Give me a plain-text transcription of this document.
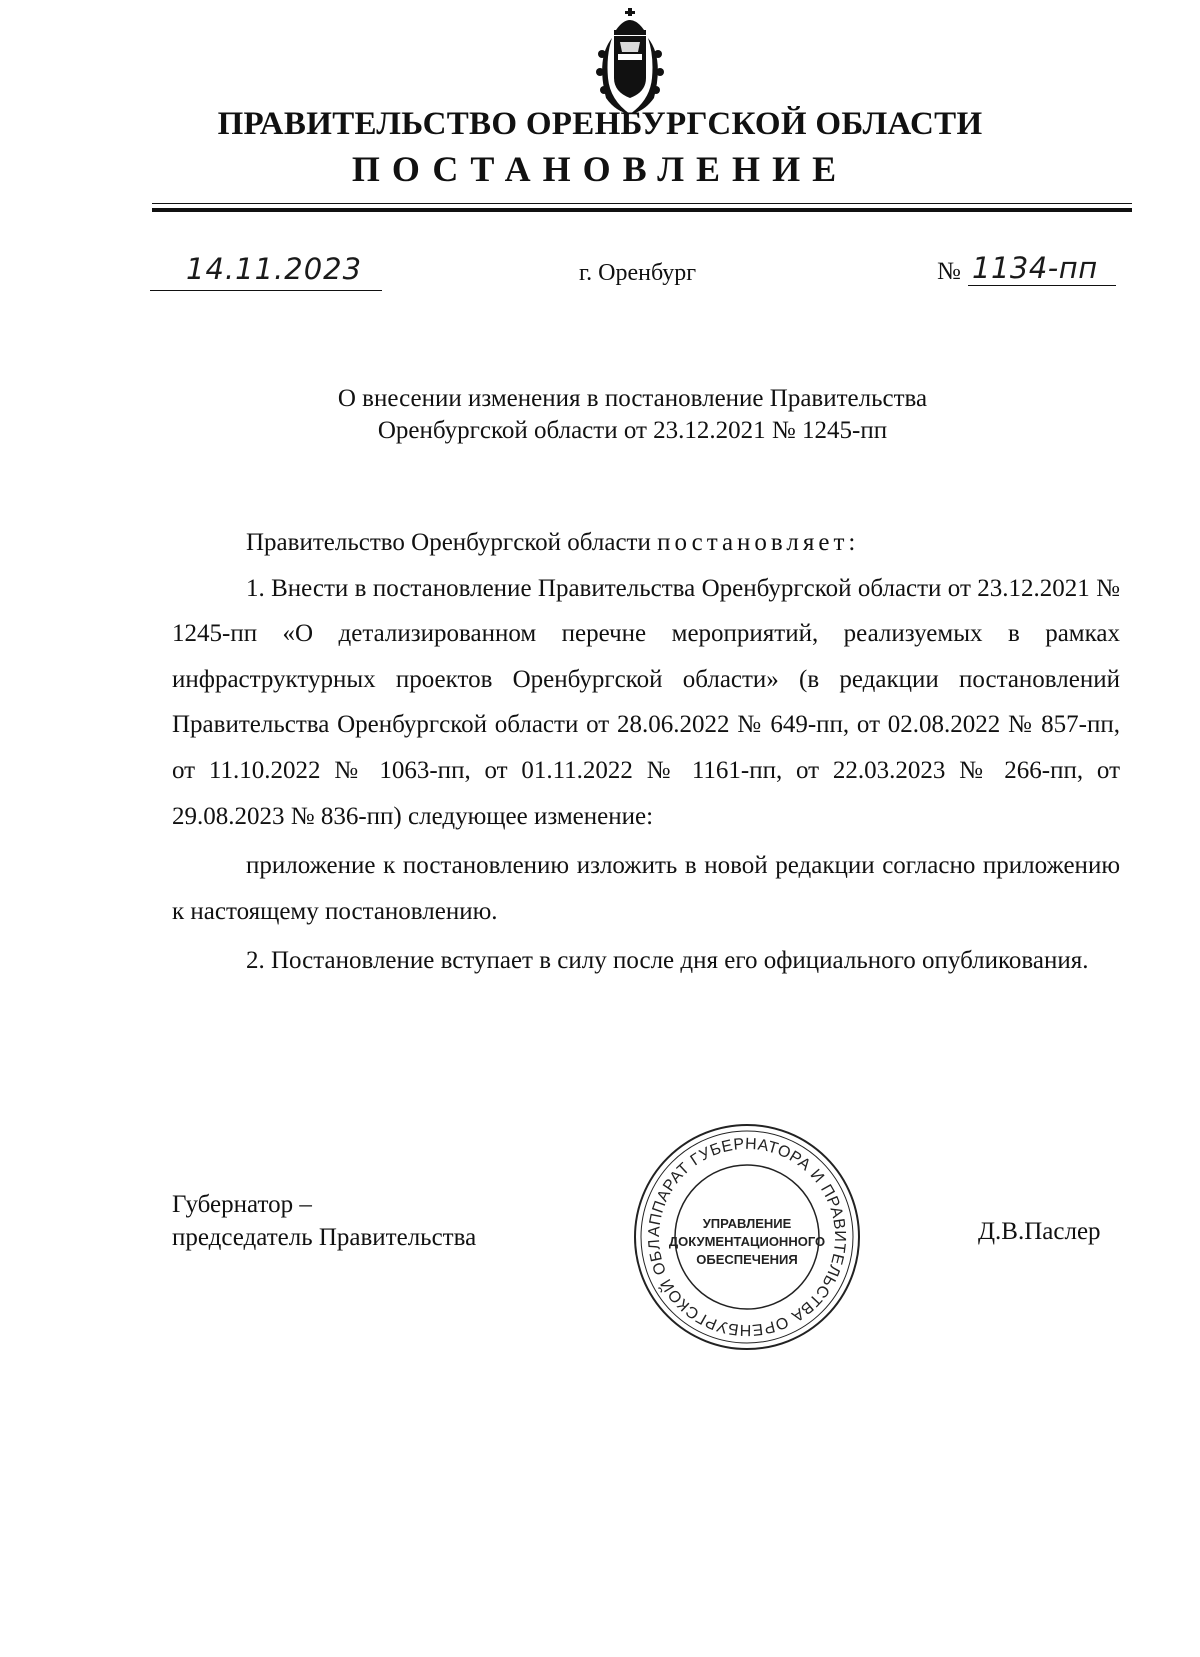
ПРАВИТЕЛЬСТВО ОРЕНБУРГСКОЙ ОБЛАСТИ
ПОСТАНОВЛЕНИЕ
14.11.2023	г. Оренбург	№ 1134-пп
О внесении изменения в постановление Правительства
Оренбургской области от 23.12.2021 № 1245-пп

Правительство Оренбургской области постановляет:

1. Внести в постановление Правительства Оренбургской области от 23.12.2021 № 1245-пп «О детализированном перечне мероприятий, реализуемых в рамках инфраструктурных проектов Оренбургской области» (в редакции постановлений Правительства Оренбургской области от 28.06.2022 № 649-пп, от 02.08.2022 № 857-пп, от 11.10.2022 № 1063-пп, от 01.11.2022 № 1161-пп, от 22.03.2023 № 266-пп, от 29.08.2023 № 836-пп) следующее изменение:

приложение к постановлению изложить в новой редакции согласно приложению к настоящему постановлению.

2. Постановление вступает в силу после дня его официального опубликования.

Губернатор –
председатель Правительства	Д.В.Паслер
АППАРАТ ГУБЕРНАТОРА И ПРАВИТЕЛЬСТВА ОРЕНБУРГСКОЙ ОБЛ
УПРАВЛЕНИЕ
ДОКУМЕНТАЦИОННОГО
ОБЕСПЕЧЕНИЯ
